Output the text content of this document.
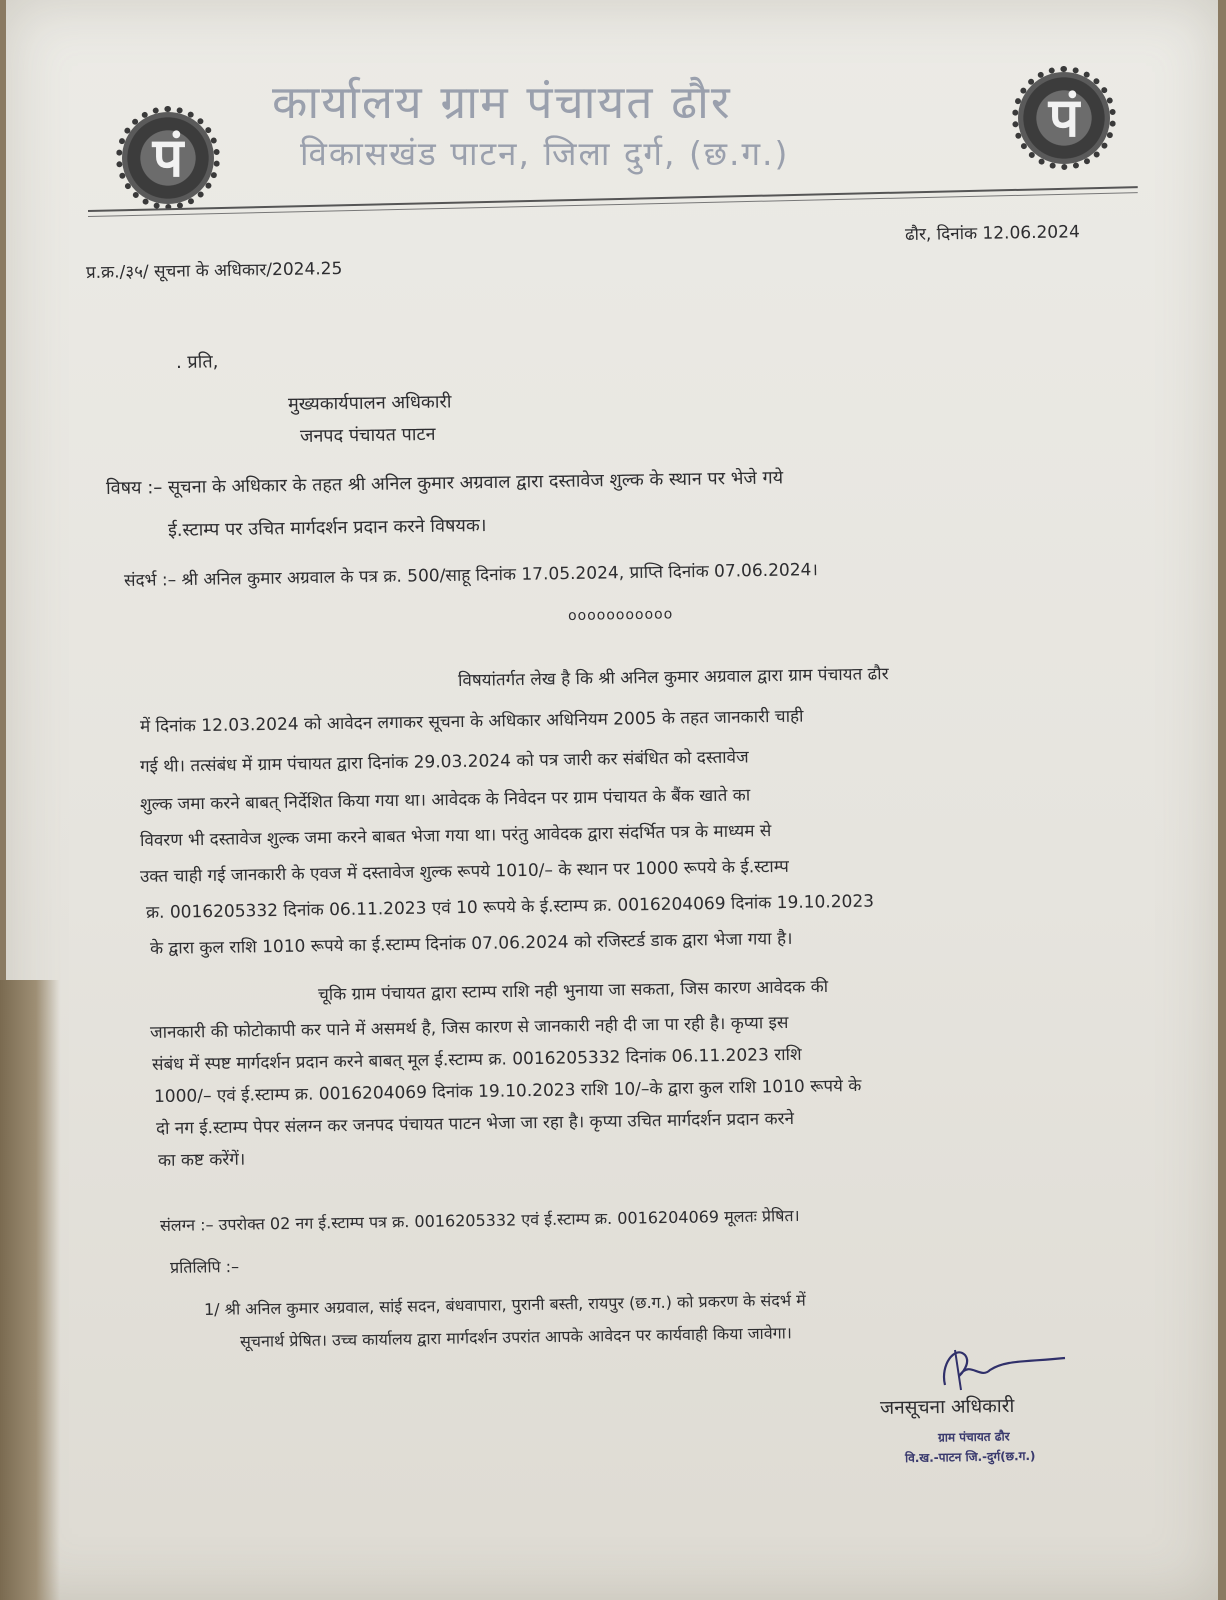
पं
पं
कार्यालय ग्राम पंचायत ढौर
विकासखंड पाटन, जिला दुर्ग, (छ.ग.)
प्र.क्र./३५/ सूचना के अधिकार/2024.25
ढौर, दिनांक 12.06.2024
. प्रति,
मुख्यकार्यपालन अधिकारी
जनपद पंचायत पाटन
विषय :– सूचना के अधिकार के तहत श्री अनिल कुमार अग्रवाल द्वारा दस्तावेज शुल्क के स्थान पर भेजे गये
ई.स्टाम्प पर उचित मार्गदर्शन प्रदान करने विषयक।
संदर्भ :– श्री अनिल कुमार अग्रवाल के पत्र क्र. 500/साहू दिनांक 17.05.2024, प्राप्ति दिनांक 07.06.2024।
ooooooooooo
विषयांतर्गत लेख है कि श्री अनिल कुमार अग्रवाल द्वारा ग्राम पंचायत ढौर
में दिनांक 12.03.2024 को आवेदन लगाकर सूचना के अधिकार अधिनियम 2005 के तहत जानकारी चाही
गई थी। तत्संबंध में ग्राम पंचायत द्वारा दिनांक 29.03.2024 को पत्र जारी कर संबंधित को दस्तावेज
शुल्क जमा करने बाबत् निर्देशित किया गया था। आवेदक के निवेदन पर ग्राम पंचायत के बैंक खाते का
विवरण भी दस्तावेज शुल्क जमा करने बाबत भेजा गया था। परंतु आवेदक द्वारा संदर्भित पत्र के माध्यम से
उक्त चाही गई जानकारी के एवज में दस्तावेज शुल्क रूपये 1010/– के स्थान पर 1000 रूपये के ई.स्टाम्प
क्र. 0016205332 दिनांक 06.11.2023 एवं 10 रूपये के ई.स्टाम्प क्र. 0016204069 दिनांक 19.10.2023
के द्वारा कुल राशि 1010 रूपये का ई.स्टाम्प दिनांक 07.06.2024 को रजिस्टर्ड डाक द्वारा भेजा गया है।
चूकि ग्राम पंचायत द्वारा स्टाम्प राशि नही भुनाया जा सकता, जिस कारण आवेदक की
जानकारी की फोटोकापी कर पाने में असमर्थ है, जिस कारण से जानकारी नही दी जा पा रही है। कृप्या इस
संबंध में स्पष्ट मार्गदर्शन प्रदान करने बाबत् मूल ई.स्टाम्प क्र. 0016205332 दिनांक 06.11.2023 राशि
1000/– एवं ई.स्टाम्प क्र. 0016204069 दिनांक 19.10.2023 राशि 10/–के द्वारा कुल राशि 1010 रूपये के
दो नग ई.स्टाम्प पेपर संलग्न कर जनपद पंचायत पाटन भेजा जा रहा है। कृप्या उचित मार्गदर्शन प्रदान करने
का कष्ट करेंगें।
संलग्न :– उपरोक्त 02 नग ई.स्टाम्प पत्र क्र. 0016205332 एवं ई.स्टाम्प क्र. 0016204069 मूलतः प्रेषित।
प्रतिलिपि :–
1/ श्री अनिल कुमार अग्रवाल, सांई सदन, बंधवापारा, पुरानी बस्ती, रायपुर (छ.ग.) को प्रकरण के संदर्भ में
सूचनार्थ प्रेषित। उच्च कार्यालय द्वारा मार्गदर्शन उपरांत आपके आवेदन पर कार्यवाही किया जावेगा।
जनसूचना अधिकारी
ग्राम पंचायत ढौर
वि.ख.-पाटन जि.-दुर्ग(छ.ग.)
